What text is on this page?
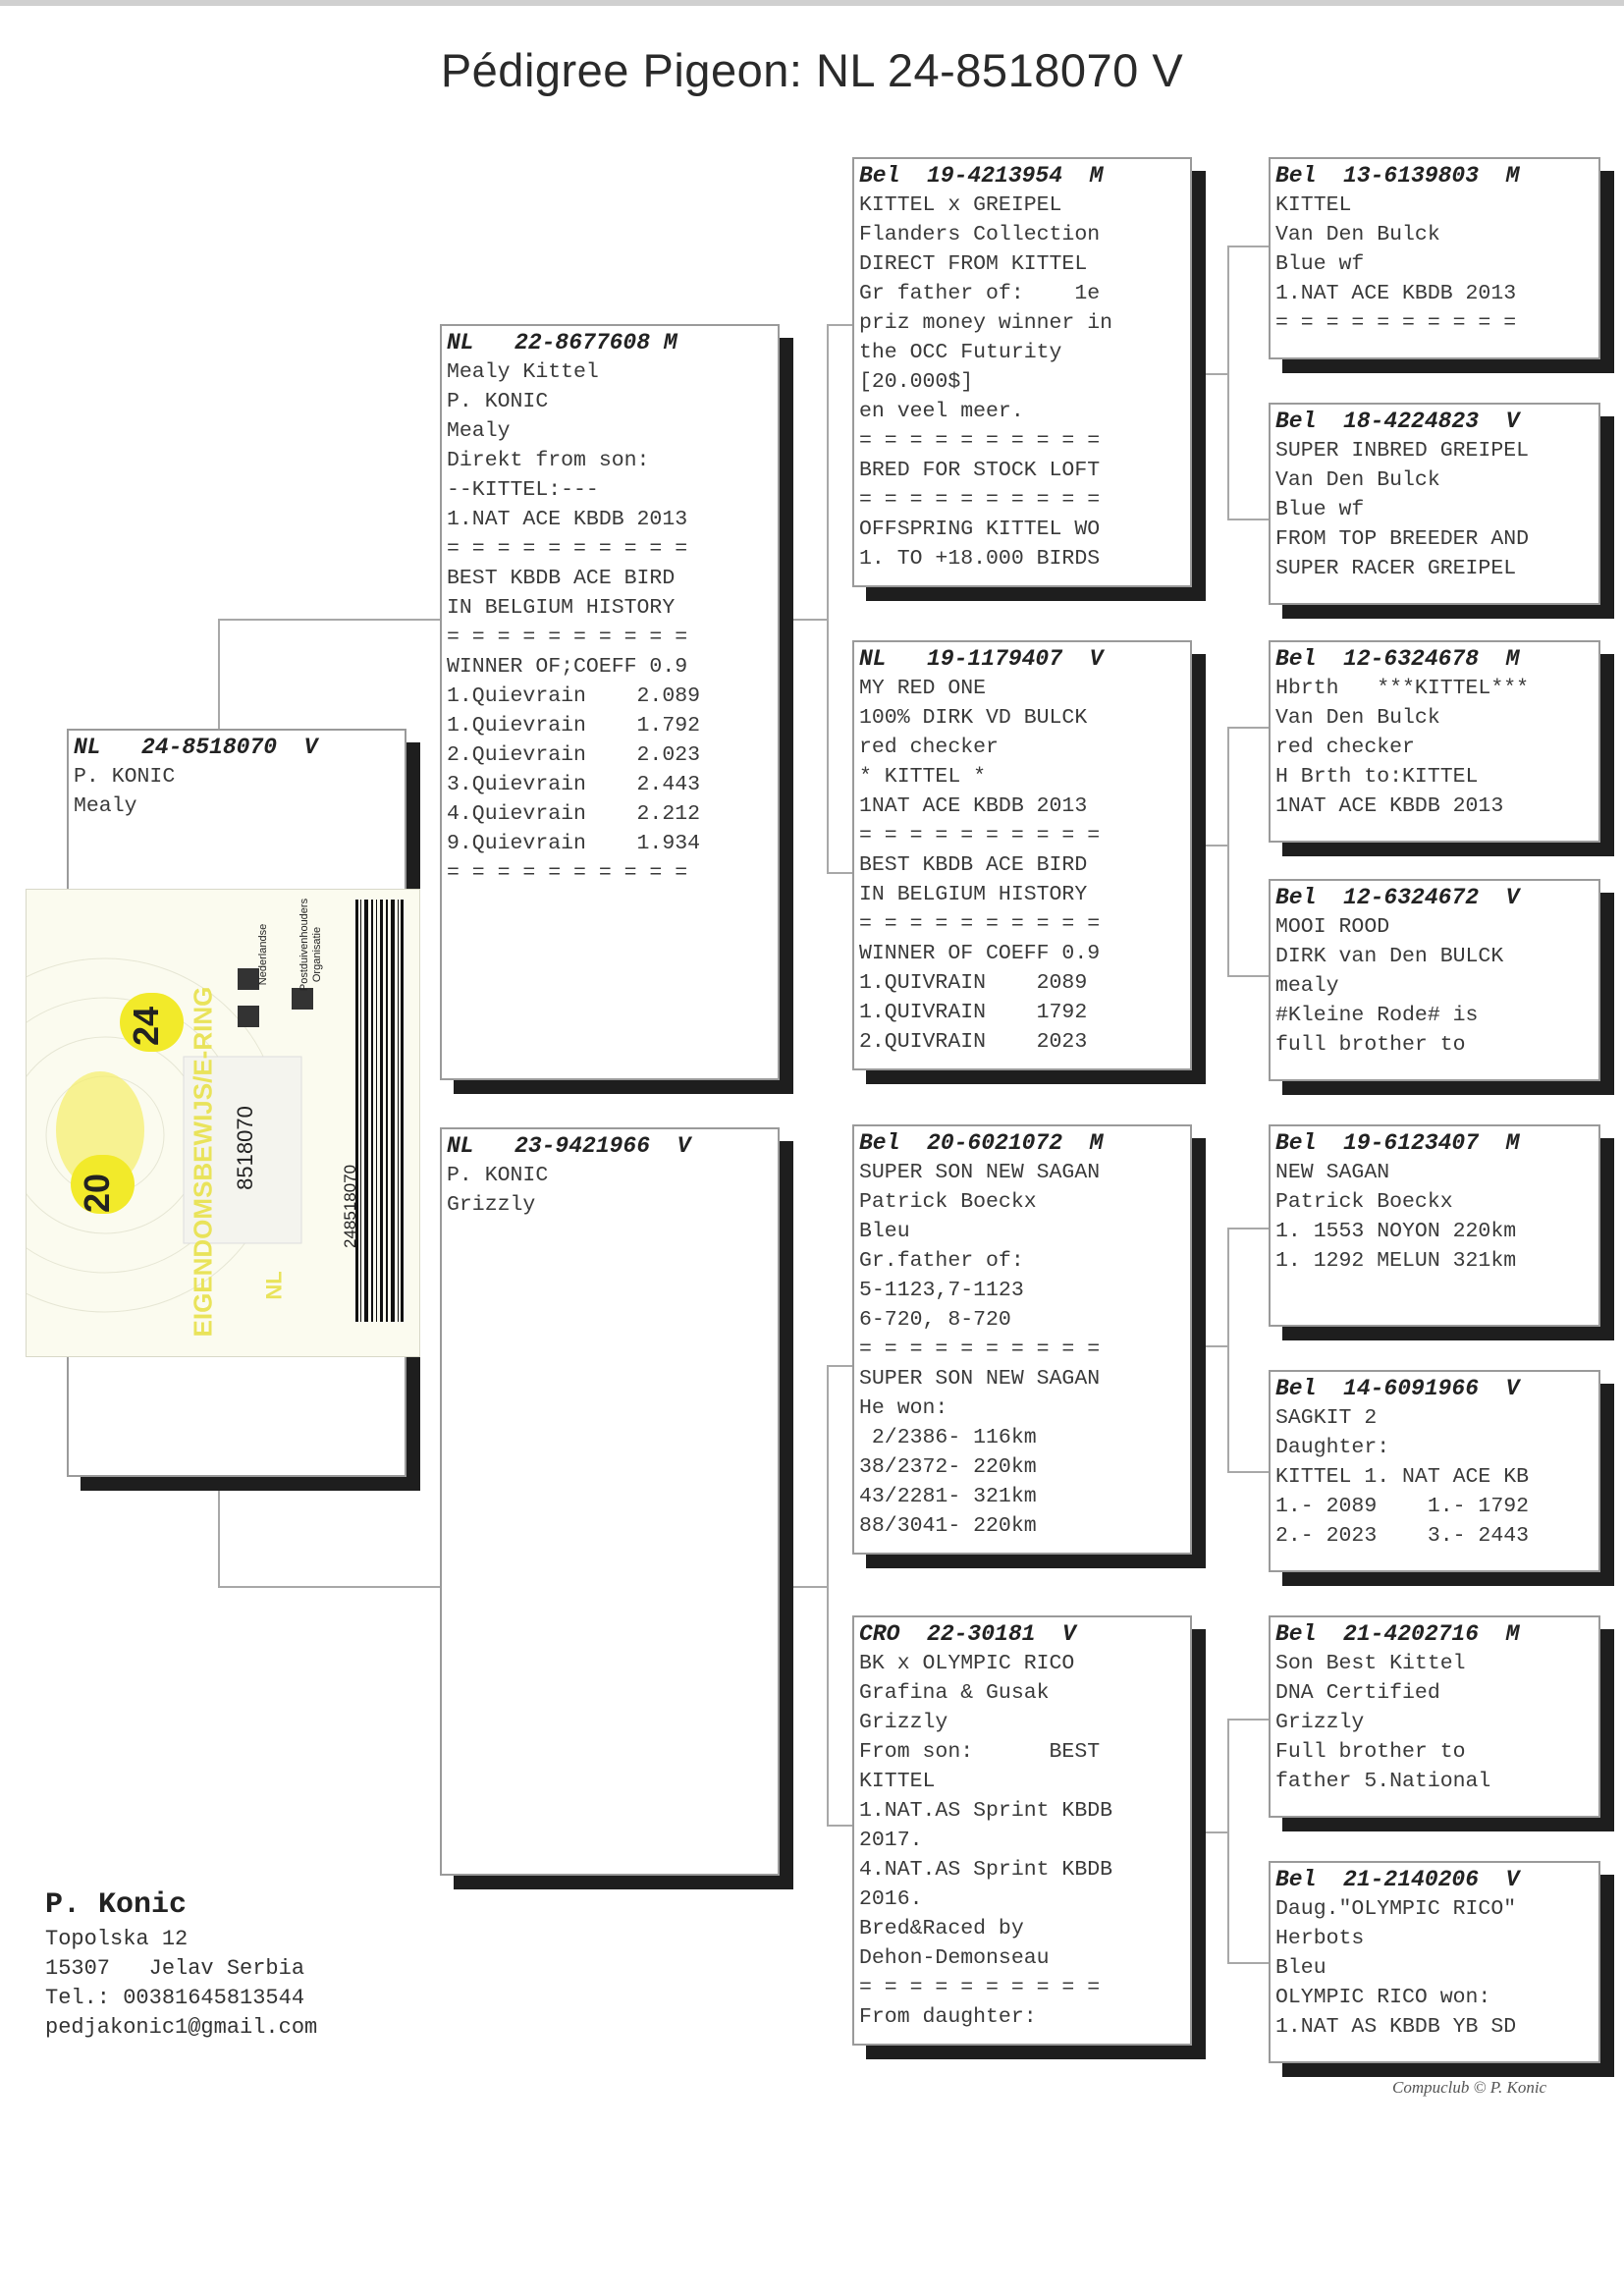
Pédigree Pigeon: NL 24-8518070 V
NL   24-8518070  V
P. KONIC
Mealy
20
24 EIGENDOMSBEWIJS/E-RING 8518070
NL
248518070
Nederlandse	Postduivenhouders Organisatie
NL   22-8677608 M
Mealy Kittel
P. KONIC
Mealy
Direkt from son:
--KITTEL:---
1.NAT ACE KBDB 2013
= = = = = = = = = =
BEST KBDB ACE BIRD
IN BELGIUM HISTORY
= = = = = = = = = =
WINNER OF;COEFF 0.9
1.Quievrain    2.089
1.Quievrain    1.792
2.Quievrain    2.023
3.Quievrain    2.443
4.Quievrain    2.212
9.Quievrain    1.934
= = = = = = = = = =
NL   23-9421966  V
P. KONIC
Grizzly
Bel  19-4213954  M
KITTEL x GREIPEL
Flanders Collection
DIRECT FROM KITTEL
Gr father of:    1e
priz money winner in
the OCC Futurity
[20.000$]
en veel meer.
= = = = = = = = = =
BRED FOR STOCK LOFT
= = = = = = = = = =
OFFSPRING KITTEL WO
1. TO +18.000 BIRDS
NL   19-1179407  V
MY RED ONE
100% DIRK VD BULCK
red checker
* KITTEL *
1NAT ACE KBDB 2013
= = = = = = = = = =
BEST KBDB ACE BIRD
IN BELGIUM HISTORY
= = = = = = = = = =
WINNER OF COEFF 0.9
1.QUIVRAIN    2089
1.QUIVRAIN    1792
2.QUIVRAIN    2023
Bel  20-6021072  M
SUPER SON NEW SAGAN
Patrick Boeckx
Bleu
Gr.father of:
5-1123,7-1123
6-720, 8-720
= = = = = = = = = =
SUPER SON NEW SAGAN
He won:
2/2386- 116km
38/2372- 220km
43/2281- 321km
88/3041- 220km
CRO  22-30181  V
BK x OLYMPIC RICO
Grafina & Gusak
Grizzly
From son:      BEST
KITTEL
1.NAT.AS Sprint KBDB
2017.
4.NAT.AS Sprint KBDB
2016.
Bred&Raced by
Dehon-Demonseau
= = = = = = = = = =
From daughter:
Bel  13-6139803  M
KITTEL
Van Den Bulck
Blue wf
1.NAT ACE KBDB 2013
= = = = = = = = = =
Bel  18-4224823  V
SUPER INBRED GREIPEL
Van Den Bulck
Blue wf
FROM TOP BREEDER AND
SUPER RACER GREIPEL
Bel  12-6324678  M
Hbrth   ***KITTEL***
Van Den Bulck
red checker
H Brth to:KITTEL
1NAT ACE KBDB 2013
Bel  12-6324672  V
MOOI ROOD
DIRK van Den BULCK
mealy
#Kleine Rode# is
full brother to
Bel  19-6123407  M
NEW SAGAN
Patrick Boeckx
1. 1553 NOYON 220km
1. 1292 MELUN 321km
Bel  14-6091966  V
SAGKIT 2
Daughter:
KITTEL 1. NAT ACE KB
1.- 2089    1.- 1792
2.- 2023    3.- 2443
Bel  21-4202716  M
Son Best Kittel
DNA Certified
Grizzly
Full brother to
father 5.National
Bel  21-2140206  V
Daug."OLYMPIC RICO"
Herbots
Bleu
OLYMPIC RICO won:
1.NAT AS KBDB YB SD
P. Konic
Topolska 12
15307   Jelav Serbia
Tel.: 00381645813544
pedjakonic1@gmail.com
Compuclub © P. Konic
